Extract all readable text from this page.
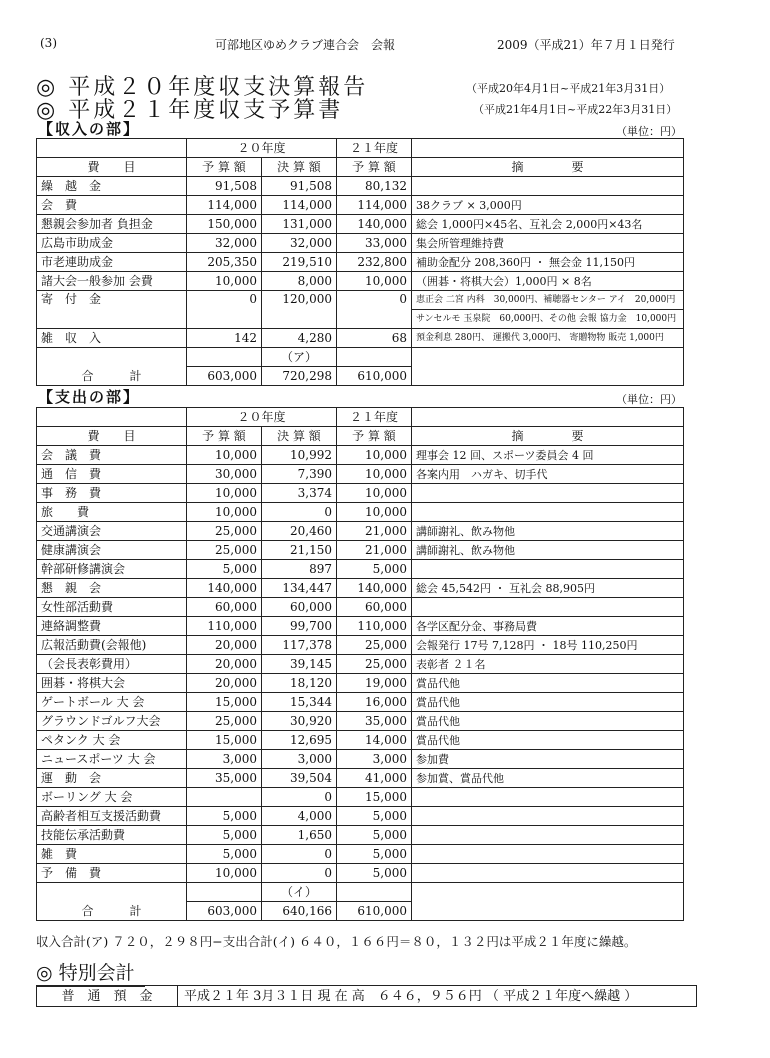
(3)	可部地区ゆめクラブ連合会　会報	2009（平成21）年７月１日発行
◎ 平成２０年度収支決算報告
◎ 平成２１年度収支予算書
（平成20年4月1日~平成21年3月31日）
（平成21年4月1日~平成22年3月31日）
【収入の部】	（単位：円）
	２０年度		２１年度	
費　　目	予 算 額	決 算 額	予 算 額	摘　　　　要
繰　越　金	91,508	91,508	80,132	
会　費	114,000	114,000	114,000	38クラブ × 3,000円
懇親会参加者 負担金	150,000	131,000	140,000	総会 1,000円×45名、互礼会 2,000円×43名
広島市助成金	32,000	32,000	33,000	集会所管理維持費
市老連助成金	205,350	219,510	232,800	補助金配分 208,360円 ・ 無会金 11,150円
諸大会一般参加 会費	10,000	8,000	10,000	（囲碁・将棋大会）1,000円 × 8名
寄　付　金	0	120,000	0	恵正会 二宮 内科　30,000円、補聴器センター アイ　20,000円
				サンセルモ 玉泉院　60,000円、その他 会報 協力金　10,000円
雑　収　入	142	4,280	68	預金利息 280円、 運搬代 3,000円、 寄贈物物 販売 1,000円
合　　　計		（ア）		
	603,000	720,298	610,000	
【支出の部】	（単位：円）
	２０年度		２１年度	
費　　目	予 算 額	決 算 額	予 算 額	摘　　　　要
会　議　費	10,000	10,992	10,000	理事会 12 回、スポーツ委員会 4 回
通　信　費	30,000	7,390	10,000	各案内用　ハガキ、切手代
事　務　費	10,000	3,374	10,000	
旅　　費	10,000	0	10,000	
交通講演会	25,000	20,460	21,000	講師謝礼、飲み物他
健康講演会	25,000	21,150	21,000	講師謝礼、飲み物他
幹部研修講演会	5,000	897	5,000	
懇　親　会	140,000	134,447	140,000	総会 45,542円 ・ 互礼会 88,905円
女性部活動費	60,000	60,000	60,000	
連絡調整費	110,000	99,700	110,000	各学区配分金、事務局費
広報活動費(会報他)	20,000	117,378	25,000	会報発行 17号 7,128円 ・ 18号 110,250円
（会長表彰費用）	20,000	39,145	25,000	表彰者 ２１名
囲碁・将棋大会	20,000	18,120	19,000	賞品代他
ゲートボール 大 会	15,000	15,344	16,000	賞品代他
グラウンドゴルフ大会	25,000	30,920	35,000	賞品代他
ペタンク 大 会	15,000	12,695	14,000	賞品代他
ニュースポーツ 大 会	3,000	3,000	3,000	参加費
運　動　会	35,000	39,504	41,000	参加賞、賞品代他
ボーリング 大 会		0	15,000	
高齢者相互支援活動費	5,000	4,000	5,000	
技能伝承活動費	5,000	1,650	5,000	
雑　費	5,000	0	5,000	
予　備　費	10,000	0	5,000	
合　　　計		（イ）		
	603,000	640,166	610,000	
収入合計(ア) ７２０，２９８円−支出合計(イ) ６４０，１６６円＝８０，１３２円は平成２１年度に繰越。
◎ 特別会計
普　通　預　金	平成２１年 3月３１日 現 在 高　６４６，９５６円 （ 平成２１年度へ繰越 ）
